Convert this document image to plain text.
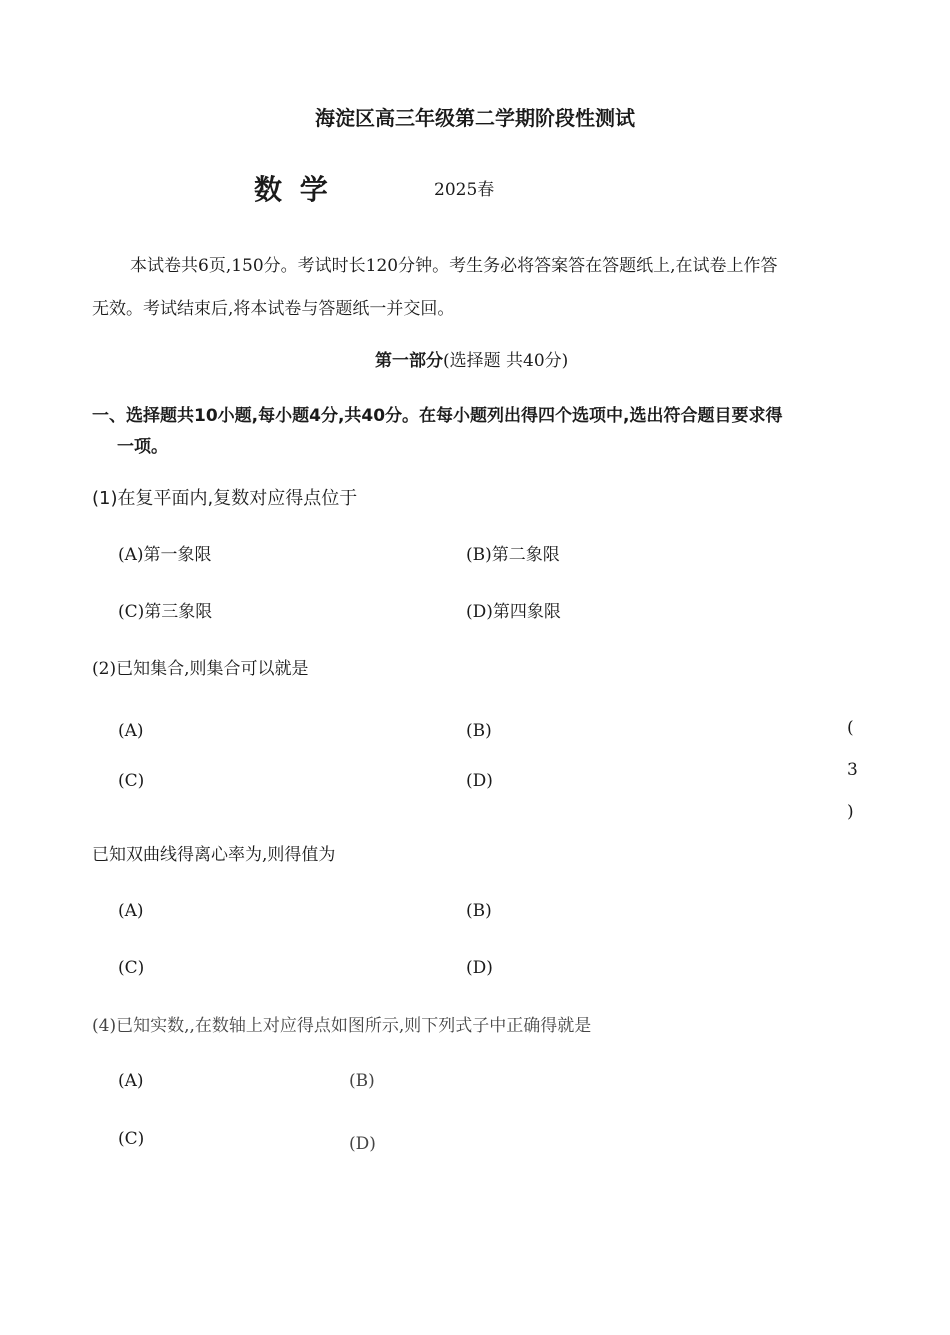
海淀区高三年级第二学期阶段性测试
数 学	2025春
本试卷共6页,150分。考试时长120分钟。考生务必将答案答在答题纸上,在试卷上作答
无效。考试结束后,将本试卷与答题纸一并交回。
第一部分(选择题 共40分)
一、选择题共10小题,每小题4分,共40分。在每小题列出得四个选项中,选出符合题目要求得
一项。
(1)在复平面内,复数对应得点位于
(A)第一象限	(B)第二象限
(C)第三象限	(D)第四象限
(2)已知集合,则集合可以就是
(A)	(B)
(C)	(D)
(
3
)
已知双曲线得离心率为,则得值为
(A)	(B)
(C)	(D)
(4)已知实数,,在数轴上对应得点如图所示,则下列式子中正确得就是
(A)	(B)
(C)	(D)
